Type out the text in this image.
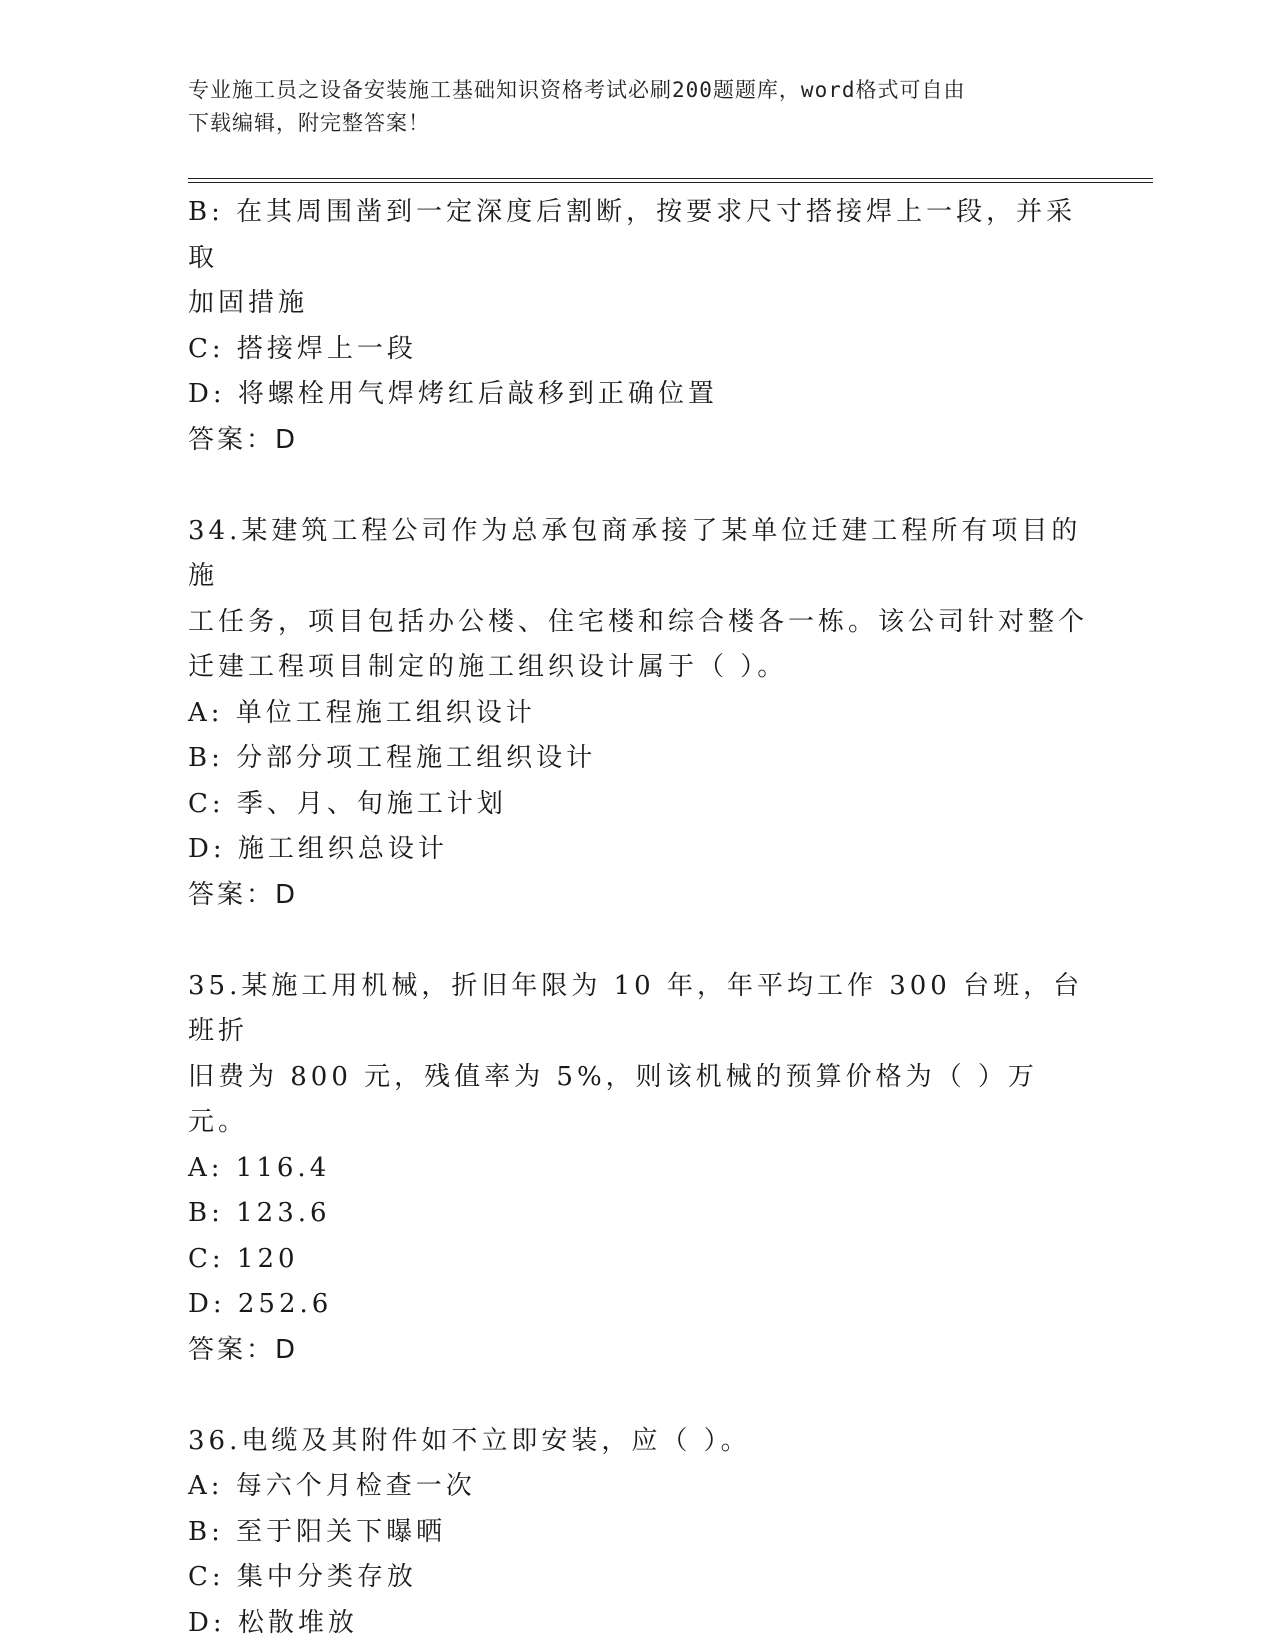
专业施工员之设备安装施工基础知识资格考试必刷200题题库，word格式可自由
下载编辑，附完整答案！
B: 在其周围凿到一定深度后割断，按要求尺寸搭接焊上一段，并采取
加固措施
C: 搭接焊上一段
D: 将螺栓用气焊烤红后敲移到正确位置
答案：D
34.某建筑工程公司作为总承包商承接了某单位迁建工程所有项目的施
工任务，项目包括办公楼、住宅楼和综合楼各一栋。该公司针对整个
迁建工程项目制定的施工组织设计属于（ ）。
A: 单位工程施工组织设计
B: 分部分项工程施工组织设计
C: 季、月、旬施工计划
D: 施工组织总设计
答案：D
35.某施工用机械，折旧年限为 10 年，年平均工作 300 台班，台班折
旧费为 800 元，残值率为 5%，则该机械的预算价格为（ ）万元。
A: 116.4
B: 123.6
C: 120
D: 252.6
答案：D
36.电缆及其附件如不立即安装，应（ ）。
A: 每六个月检查一次
B: 至于阳关下曝晒
C: 集中分类存放
D: 松散堆放
